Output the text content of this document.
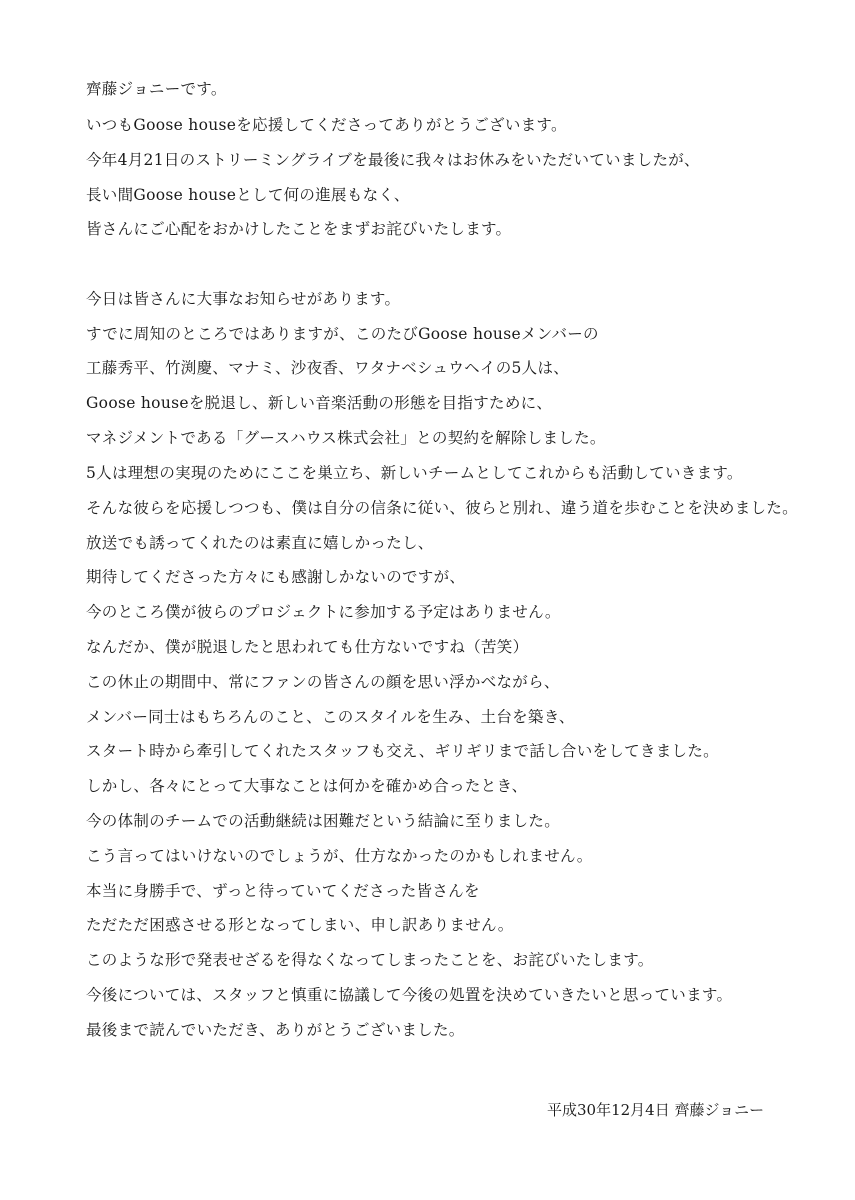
齊藤ジョニーです。
いつもGoose houseを応援してくださってありがとうございます。
今年4月21日のストリーミングライブを最後に我々はお休みをいただいていましたが、
長い間Goose houseとして何の進展もなく、
皆さんにご心配をおかけしたことをまずお詫びいたします。
今日は皆さんに大事なお知らせがあります。
すでに周知のところではありますが、このたびGoose houseメンバーの
工藤秀平、竹渕慶、マナミ、沙夜香、ワタナベシュウヘイの5人は、
Goose houseを脱退し、新しい音楽活動の形態を目指すために、
マネジメントである「グースハウス株式会社」との契約を解除しました。
5人は理想の実現のためにここを巣立ち、新しいチームとしてこれからも活動していきます。
そんな彼らを応援しつつも、僕は自分の信条に従い、彼らと別れ、違う道を歩むことを決めました。
放送でも誘ってくれたのは素直に嬉しかったし、
期待してくださった方々にも感謝しかないのですが、
今のところ僕が彼らのプロジェクトに参加する予定はありません。
なんだか、僕が脱退したと思われても仕方ないですね（苦笑）
この休止の期間中、常にファンの皆さんの顔を思い浮かべながら、
メンバー同士はもちろんのこと、このスタイルを生み、土台を築き、
スタート時から牽引してくれたスタッフも交え、ギリギリまで話し合いをしてきました。
しかし、各々にとって大事なことは何かを確かめ合ったとき、
今の体制のチームでの活動継続は困難だという結論に至りました。
こう言ってはいけないのでしょうが、仕方なかったのかもしれません。
本当に身勝手で、ずっと待っていてくださった皆さんを
ただただ困惑させる形となってしまい、申し訳ありません。
このような形で発表せざるを得なくなってしまったことを、お詫びいたします。
今後については、スタッフと慎重に協議して今後の処置を決めていきたいと思っています。
最後まで読んでいただき、ありがとうございました。
平成30年12月4日 齊藤ジョニー
